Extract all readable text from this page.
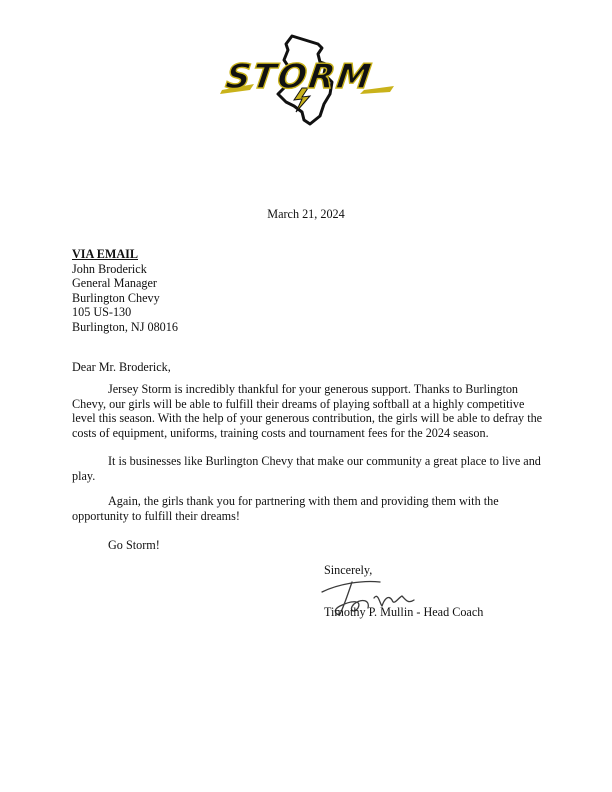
STORM
March 21, 2024
VIA EMAIL
John Broderick
General Manager
Burlington Chevy
105 US-130
Burlington, NJ 08016
Dear Mr. Broderick,

Jersey Storm is incredibly thankful for your generous support. Thanks to Burlington Chevy, our girls will be able to fulfill their dreams of playing softball at a highly competitive level this season. With the help of your generous contribution, the girls will be able to defray the costs of equipment, uniforms, training costs and tournament fees for the 2024 season.

It is businesses like Burlington Chevy that make our community a great place to live and play.

Again, the girls thank you for partnering with them and providing them with the opportunity to fulfill their dreams!

Go Storm!

Sincerely,
Timothy P. Mullin - Head Coach
